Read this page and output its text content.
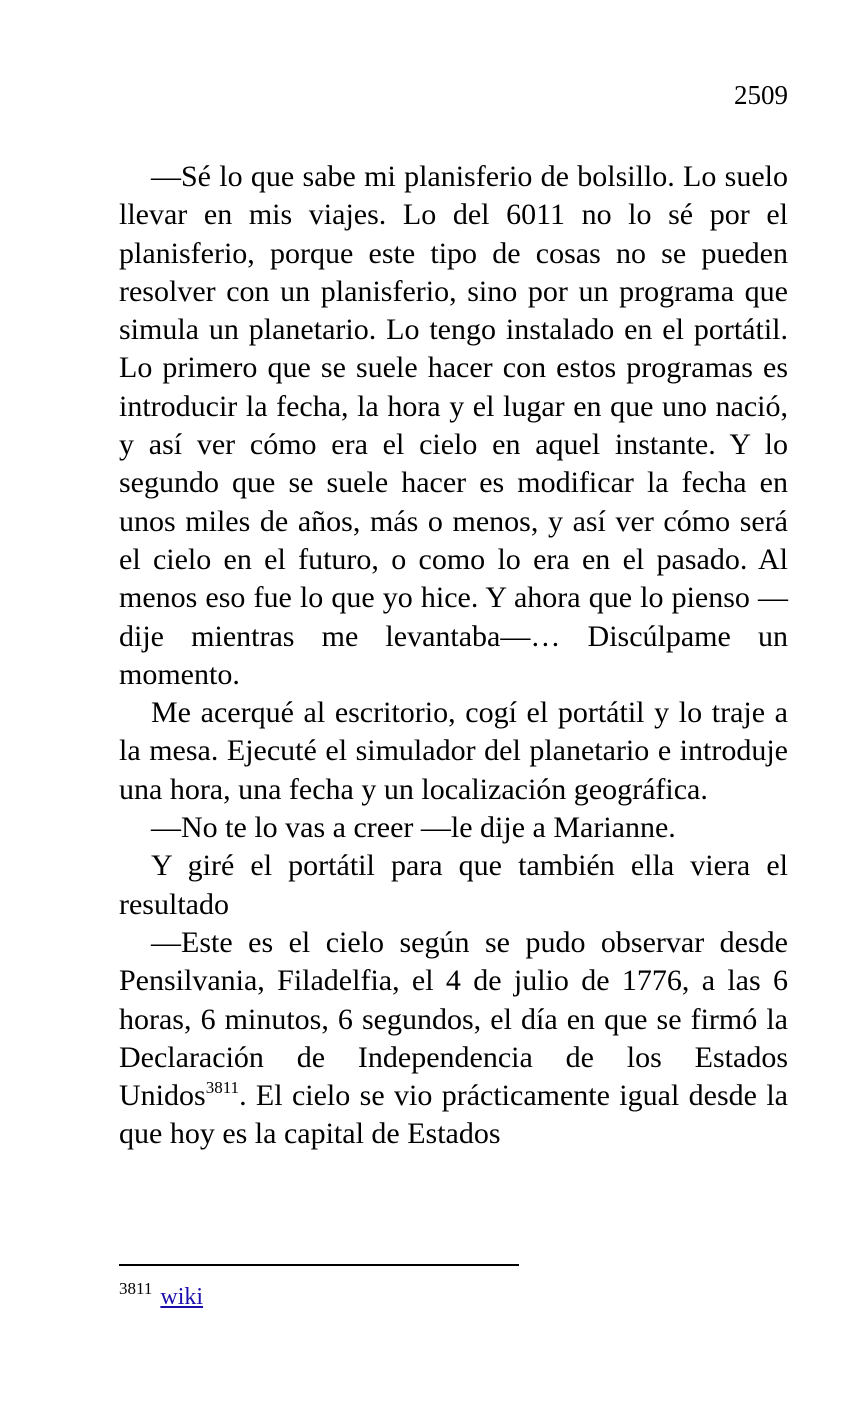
2509

—Sé lo que sabe mi planisferio de bolsillo. Lo suelo llevar en mis viajes. Lo del 6011 no lo sé por el planisferio, porque este tipo de cosas no se pueden resolver con un planisferio, sino por un programa que simula un planetario. Lo tengo instalado en el portátil. Lo primero que se suele hacer con estos programas es introducir la fecha, la hora y el lugar en que uno nació, y así ver cómo era el cielo en aquel instante. Y lo segundo que se suele hacer es modificar la fecha en unos miles de años, más o menos, y así ver cómo será el cielo en el futuro, o como lo era en el pasado. Al menos eso fue lo que yo hice. Y ahora que lo pienso —dije mientras me levantaba—… Discúlpame un momento.

Me acerqué al escritorio, cogí el portátil y lo traje a la mesa. Ejecuté el simulador del planetario e introduje una hora, una fecha y un localización geográfica.

—No te lo vas a creer —le dije a Marianne.

Y giré el portátil para que también ella viera el resultado

—Este es el cielo según se pudo observar desde Pensilvania, Filadelfia, el 4 de julio de 1776, a las 6 horas, 6 minutos, 6 segundos, el día en que se firmó la Declaración de Independencia de los Estados Unidos$^{3811}$. El cielo se vio prácticamente igual desde la que hoy es la capital de Estados

$^{3811}$ wiki
